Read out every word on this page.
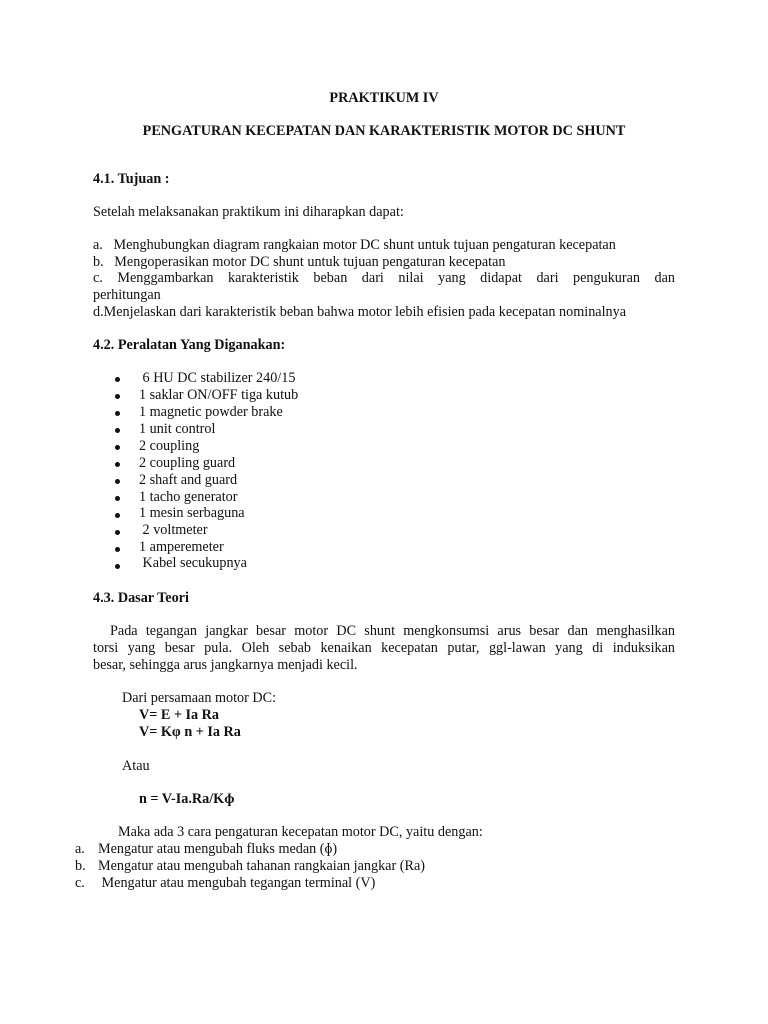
PRAKTIKUM IV
PENGATURAN KECEPATAN DAN KARAKTERISTIK MOTOR DC SHUNT
4.1. Tujuan :
Setelah melaksanakan praktikum ini diharapkan dapat:
a.   Menghubungkan diagram rangkaian motor DC shunt untuk tujuan pengaturan kecepatan
b.   Mengoperasikan motor DC shunt untuk tujuan pengaturan kecepatan
c. Menggambarkan karakteristik beban dari nilai yang didapat dari pengukuran dan
perhitungan
d.Menjelaskan dari karakteristik beban bahwa motor lebih efisien pada kecepatan nominalnya
4.2. Peralatan Yang Diganakan:
6 HU DC stabilizer 240/15
1 saklar ON/OFF tiga kutub
1 magnetic powder brake
1 unit control
2 coupling
2 coupling guard
2 shaft and guard
1 tacho generator
1 mesin serbaguna
2 voltmeter
1 amperemeter
Kabel secukupnya
4.3. Dasar Teori
Pada tegangan jangkar besar motor DC shunt mengkonsumsi arus besar dan menghasilkan
torsi yang besar pula. Oleh sebab kenaikan kecepatan putar, ggl-lawan yang di induksikan
besar, sehingga arus jangkarnya menjadi kecil.
Dari persamaan motor DC:
V= E + Ia Ra
V= Kφ n + Ia Ra
Atau
n = V-Ia.Ra/Kɸ
Maka ada 3 cara pengaturan kecepatan motor DC, yaitu dengan:
a. Mengatur atau mengubah fluks medan (ɸ)
b. Mengatur atau mengubah tahanan rangkaian jangkar (Ra)
c. Mengatur atau mengubah tegangan terminal (V)
